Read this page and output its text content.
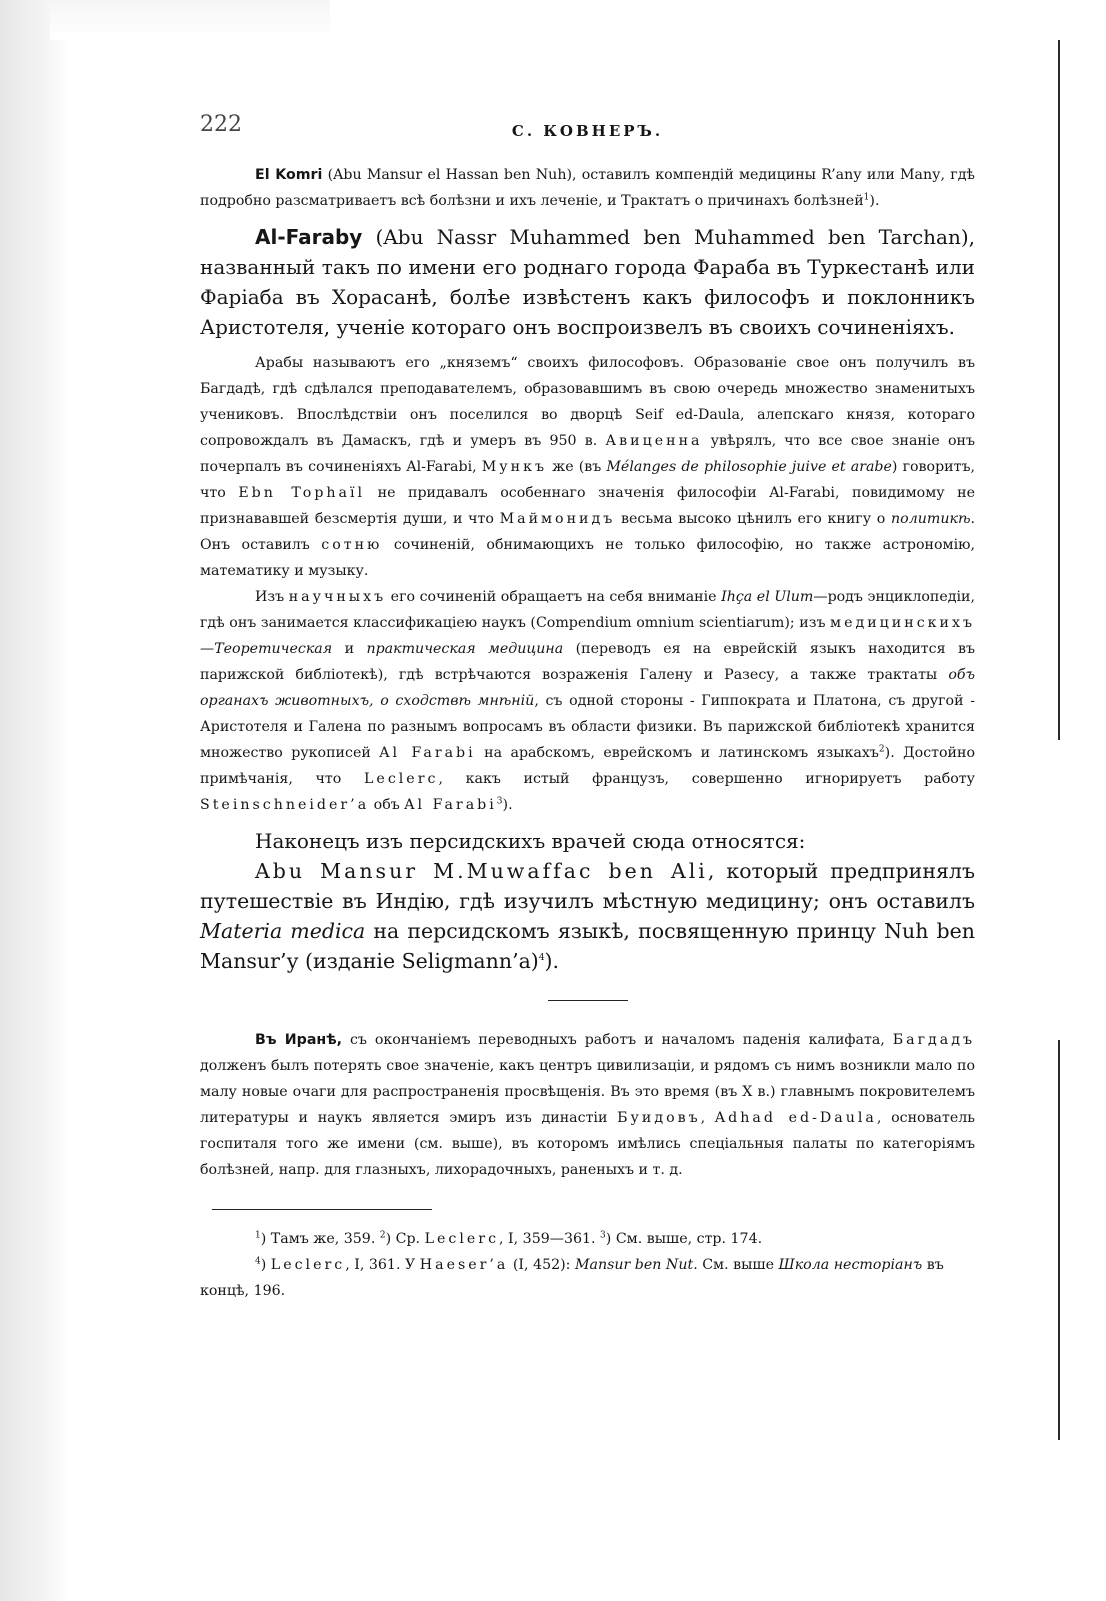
222	С. КОВНЕРЪ.

El Komri (Abu Mansur el Hassan ben Nuh), оставилъ компендій медицины R’anу или Manу, гдѣ подробно разсматриваетъ всѣ болѣзни и ихъ леченіе, и Трактатъ о причинахъ болѣзней$^1$).

Al-Faraby (Abu Nassr Muhammed ben Muhammed ben Tarchan), названный такъ по имени его роднаго города Фараба въ Туркестанѣ или Фаріаба въ Хорасанѣ, болѣе извѣстенъ какъ философъ и поклонникъ Аристотеля, ученіе котораго онъ воспроизвелъ въ своихъ сочиненіяхъ.

Арабы называютъ его „княземъ“ своихъ философовъ. Образованіе свое онъ получилъ въ Багдадѣ, гдѣ сдѣлался преподавателемъ, образовавшимъ въ свою очередь множество знаменитыхъ учениковъ. Впослѣдствіи онъ поселился во дворцѣ Seif ed-Daula, алепскаго князя, котораго сопровождалъ въ Дамаскъ, гдѣ и умеръ въ 950 в. Авиценна увѣрялъ, что все свое знаніе онъ почерпалъ въ сочиненіяхъ Al-Farabi, Мункъ же (въ Mélanges de philosophie juive et arabe) говоритъ, что Ebn Tophaïl не придавалъ особеннаго значенія философіи Al-Farabi, повидимому не признававшей безсмертія души, и что Маймонидъ весьма высоко цѣнилъ его книгу о политикѣ. Онъ оставилъ сотню сочиненій, обнимающихъ не только философію, но также астрономію, математику и музыку.

Изъ научныхъ его сочиненій обращаетъ на себя вниманіе Ihça el Ulum—родъ энциклопедіи, гдѣ онъ занимается классификаціею наукъ (Compendium omnium scientiarum); изъ медицинскихъ—Теоретическая и практическая медицина (переводъ ея на еврейскій языкъ находится въ парижской библіотекѣ), гдѣ встрѣчаются возраженія Галену и Разесу, а также трактаты объ органахъ животныхъ, о сходствѣ мнѣній, съ одной стороны - Гиппократа и Платона, съ другой - Аристотеля и Галена по разнымъ вопросамъ въ области физики. Въ парижской библіотекѣ хранится множество рукописей Al Farabi на арабскомъ, еврейскомъ и латинскомъ языкахъ$^2$). Достойно примѣчанія, что Leclerc, какъ истый французъ, совершенно игнорируетъ работу Steinschneider’a объ Al Farabi$^3$).

Наконецъ изъ персидскихъ врачей сюда относятся:

Abu Mansur M.Muwaffac ben Ali, который предпринялъ путешествіе въ Индію, гдѣ изучилъ мѣстную медицину; онъ оставилъ Materia medica на персидскомъ языкѣ, посвященную принцу Nuh ben Mansur’у (изданіе Seligmann’a)$^4$).

Въ Иранѣ, съ окончаніемъ переводныхъ работъ и началомъ паденія калифата, Багдадъ долженъ былъ потерять свое значеніе, какъ центръ цивилизаціи, и рядомъ съ нимъ возникли мало по малу новые очаги для распространенія просвѣщенія. Въ это время (въ X в.) главнымъ покровителемъ литературы и наукъ является эмиръ изъ династіи Буидовъ, Adhad ed-Daula, основатель госпиталя того же имени (см. выше), въ которомъ имѣлись спеціальныя палаты по категоріямъ болѣзней, напр. для глазныхъ, лихорадочныхъ, раненыхъ и т. д.

$^1$) Тамъ же, 359. $^2$) Ср. Leclerc, I, 359—361. $^3$) См. выше, стр. 174.
$^4$) Leclerc, I, 361. У Haeser’a (I, 452): Mansur ben Nut. См. выше Школа несторіанъ въ концѣ, 196.
